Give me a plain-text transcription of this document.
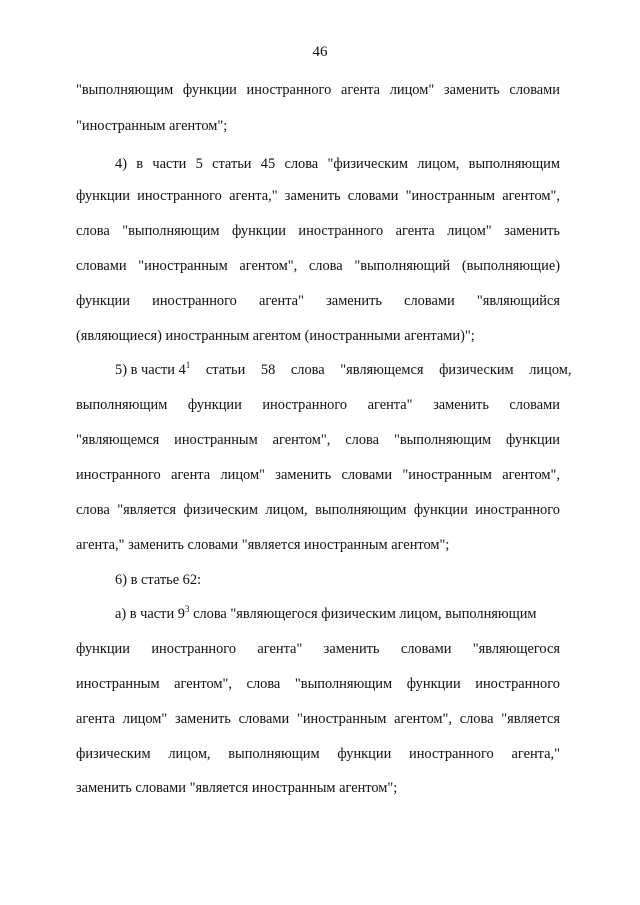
46
"выполняющим функции иностранного агента лицом" заменить словами
"иностранным агентом";
4) в части 5 статьи 45 слова "физическим лицом, выполняющим
функции иностранного агента," заменить словами "иностранным агентом",
слова "выполняющим функции иностранного агента лицом" заменить
словами "иностранным агентом", слова "выполняющий (выполняющие)
функции иностранного агента" заменить словами "являющийся
(являющиеся) иностранным агентом (иностранными агентами)";
5) в части $4^1$ статьи 58 слова "являющемся физическим лицом,
выполняющим функции иностранного агента" заменить словами
"являющемся иностранным агентом", слова "выполняющим функции
иностранного агента лицом" заменить словами "иностранным агентом",
слова "является физическим лицом, выполняющим функции иностранного
агента," заменить словами "является иностранным агентом";
6) в статье 62:
а) в части $9^3$ слова "являющегося физическим лицом, выполняющим
функции иностранного агента" заменить словами "являющегося
иностранным агентом", слова "выполняющим функции иностранного
агента лицом" заменить словами "иностранным агентом", слова "является
физическим лицом, выполняющим функции иностранного агента,"
заменить словами "является иностранным агентом";
